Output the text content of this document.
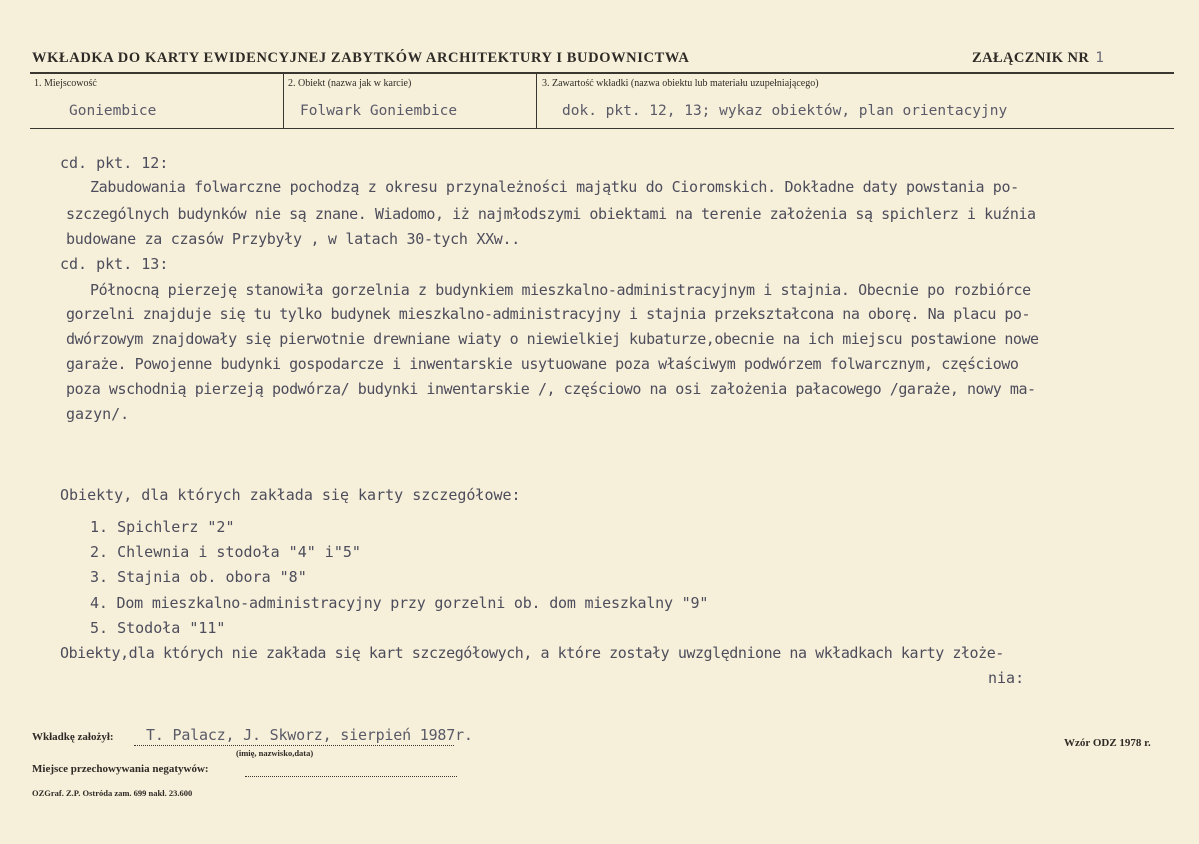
WKŁADKA DO KARTY EWIDENCYJNEJ ZABYTKÓW ARCHITEKTURY I BUDOWNICTWA	ZAŁĄCZNIK NR 1
1. Miejscowość	2. Obiekt (nazwa jak w karcie)	3. Zawartość wkładki (nazwa obiektu lub materiału uzupełniającego)
Goniembice	Folwark Goniembice	dok. pkt. 12, 13; wykaz obiektów, plan orientacyjny

cd. pkt. 12:

Zabudowania folwarczne pochodzą z okresu przynależności majątku do Cioromskich. Dokładne daty powstania po-

szczególnych budynków nie są znane. Wiadomo, iż najmłodszymi obiektami na terenie założenia są spichlerz i kuźnia

budowane za czasów Przybyły , w latach 30-tych XXw..

cd. pkt. 13:

Północną pierzeję stanowiła gorzelnia z budynkiem mieszkalno-administracyjnym i stajnia. Obecnie po rozbiórce

gorzelni znajduje się tu tylko budynek mieszkalno-administracyjny i stajnia przekształcona na oborę. Na placu po-

dwórzowym znajdowały się pierwotnie drewniane wiaty o niewielkiej kubaturze,obecnie na ich miejscu postawione nowe

garaże. Powojenne budynki gospodarcze i inwentarskie usytuowane poza właściwym podwórzem folwarcznym, częściowo

poza wschodnią pierzeją podwórza/ budynki inwentarskie /, częściowo na osi założenia pałacowego /garaże, nowy ma-

gazyn/.

Obiekty, dla których zakłada się karty szczegółowe:

1. Spichlerz "2"

2. Chlewnia i stodoła "4" i"5"

3. Stajnia ob. obora "8"

4. Dom mieszkalno-administracyjny przy gorzelni ob. dom mieszkalny "9"

5. Stodoła "11"

Obiekty,dla których nie zakłada się kart szczegółowych, a które zostały uwzględnione na wkładkach karty złoże-

nia:

Wkładkę założył: T. Palacz, J. Skworz, sierpień 1987r.
(imię, nazwisko,data)
Miejsce przechowywania negatywów:
Wzór ODZ 1978 r.
OZGraf. Z.P. Ostróda zam. 699 nakł. 23.600
